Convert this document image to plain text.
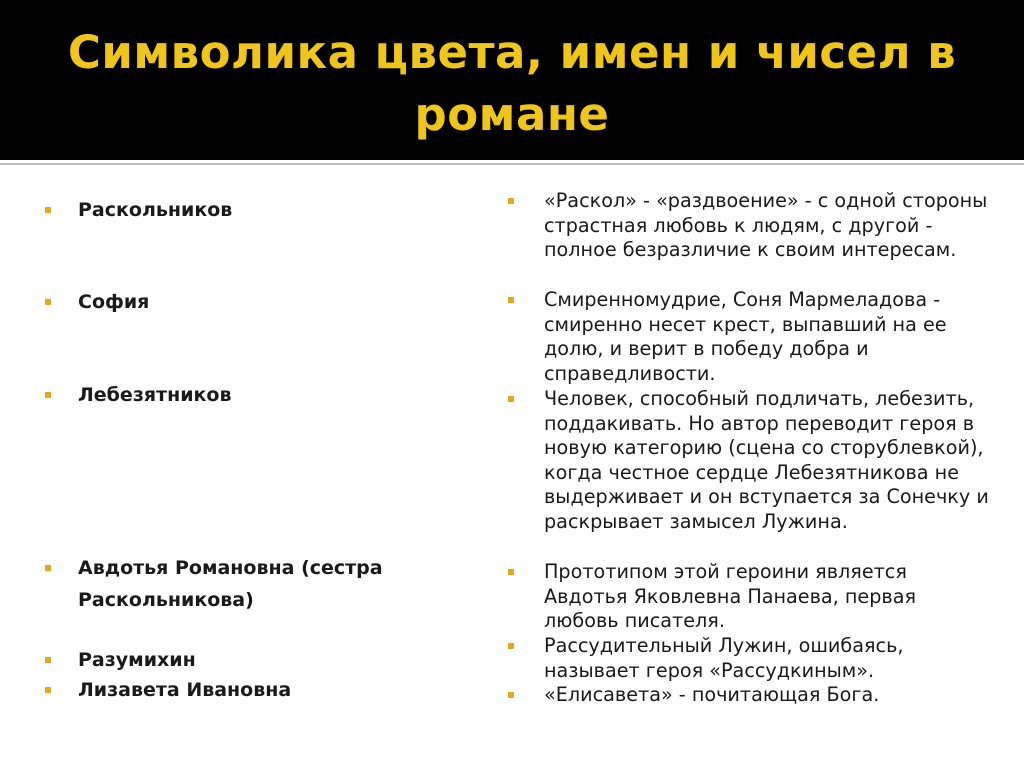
Символика цвета, имен и чисел в романе

Раскольников

София

Лебезятников

Авдотья Романовна (сестра Раскольникова)

Разумихин

Лизавета Ивановна

«Раскол» - «раздвоение» - с одной стороны страстная любовь к людям, с другой - полное безразличие к своим интересам.

Смиренномудрие, Соня Мармеладова - смиренно несет крест, выпавший на ее долю, и верит в победу добра и справедливости.

Человек, способный подличать, лебезить, поддакивать. Но автор переводит героя в новую категорию (сцена со сторублевкой), когда честное сердце Лебезятникова не выдерживает и он вступается за Сонечку и раскрывает замысел Лужина.

Прототипом этой героини является Авдотья Яковлевна Панаева, первая любовь писателя.

Рассудительный Лужин, ошибаясь, называет героя «Рассудкиным».

«Елисавета» - почитающая Бога.
